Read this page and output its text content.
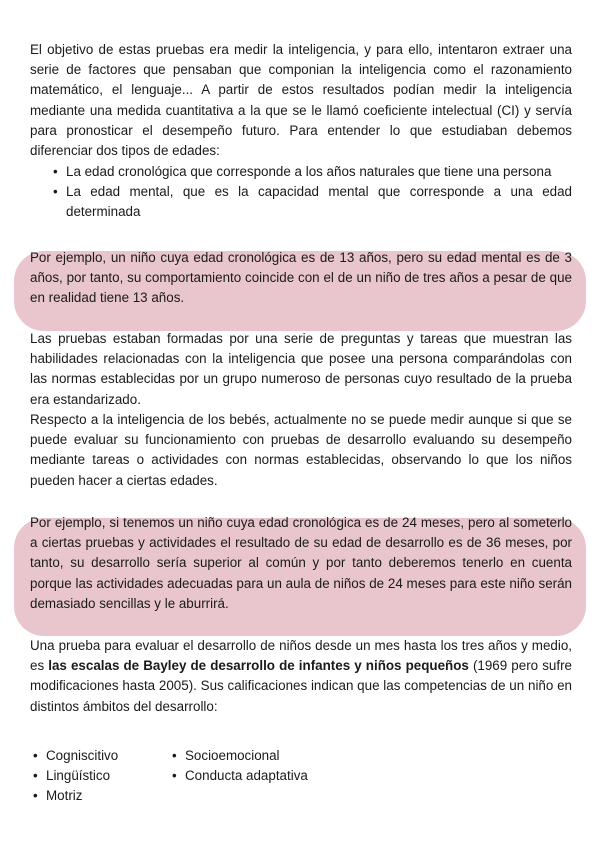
El objetivo de estas pruebas era medir la inteligencia, y para ello, intentaron extraer una serie de factores que pensaban que componian la inteligencia como el razonamiento matemático, el lenguaje... A partir de estos resultados podían medir la inteligencia mediante una medida cuantitativa a la que se le llamó coeficiente intelectual (CI) y servía para pronosticar el desempeño futuro. Para entender lo que estudiaban debemos diferenciar dos tipos de edades:

• La edad cronológica que corresponde a los años naturales que tiene una persona
• La edad mental, que es la capacidad mental que corresponde a una edad determinada

Por ejemplo, un niño cuya edad cronológica es de 13 años, pero su edad mental es de 3 años, por tanto, su comportamiento coincide con el de un niño de tres años a pesar de que en realidad tiene 13 años.

Las pruebas estaban formadas por una serie de preguntas y tareas que muestran las habilidades relacionadas con la inteligencia que posee una persona comparándolas con las normas establecidas por un grupo numeroso de personas cuyo resultado de la prueba era estandarizado.

Respecto a la inteligencia de los bebés, actualmente no se puede medir aunque si que se puede evaluar su funcionamiento con pruebas de desarrollo evaluando su desempeño mediante tareas o actividades con normas establecidas, observando lo que los niños pueden hacer a ciertas edades.

Por ejemplo, si tenemos un niño cuya edad cronológica es de 24 meses, pero al someterlo a ciertas pruebas y actividades el resultado de su edad de desarrollo es de 36 meses, por tanto, su desarrollo sería superior al común y por tanto deberemos tenerlo en cuenta porque las actividades adecuadas para un aula de niños de 24 meses para este niño serán demasiado sencillas y le aburrirá.

Una prueba para evaluar el desarrollo de niños desde un mes hasta los tres años y medio, es las escalas de Bayley de desarrollo de infantes y niños pequeños (1969 pero sufre modificaciones hasta 2005). Sus calificaciones indican que las competencias de un niño en distintos ámbitos del desarrollo:

• Cogniscitivo
• Lingüístico
• Motriz
• Socioemocional
• Conducta adaptativa
